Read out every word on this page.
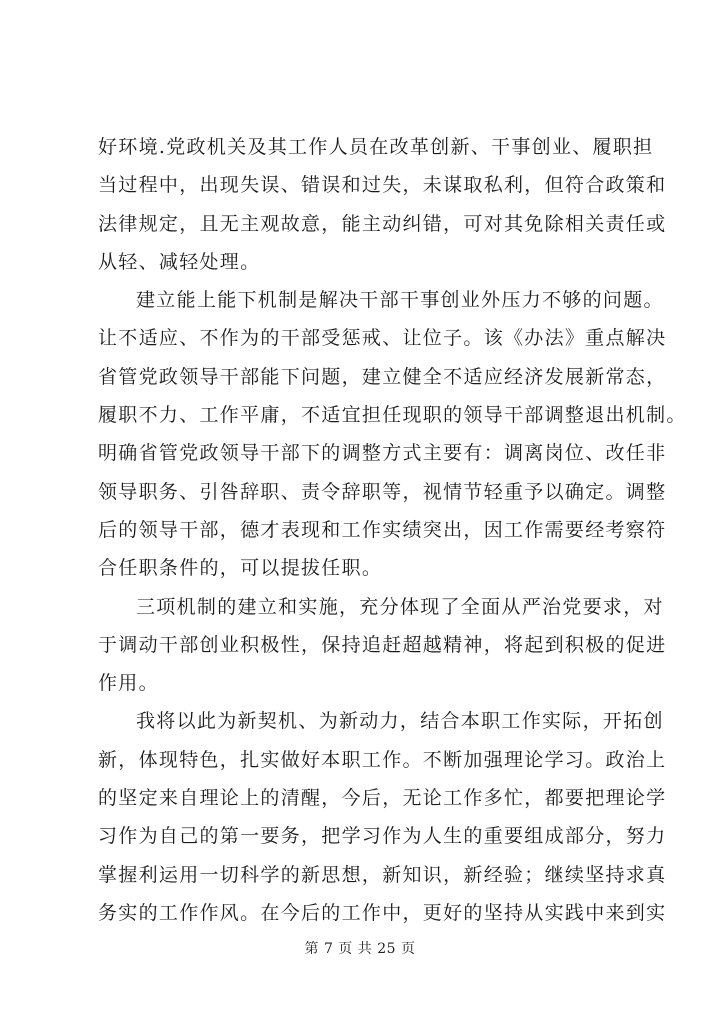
好环境.党政机关及其工作人员在改革创新、干事创业、履职担
当过程中，出现失误、错误和过失，未谋取私利，但符合政策和
法律规定，且无主观故意，能主动纠错，可对其免除相关责任或
从轻、减轻处理。
建立能上能下机制是解决干部干事创业外压力不够的问题。
让不适应、不作为的干部受惩戒、让位子。该《办法》重点解决
省管党政领导干部能下问题，建立健全不适应经济发展新常态，
履职不力、工作平庸，不适宜担任现职的领导干部调整退出机制。
明确省管党政领导干部下的调整方式主要有：调离岗位、改任非
领导职务、引咎辞职、责令辞职等，视情节轻重予以确定。调整
后的领导干部，德才表现和工作实绩突出，因工作需要经考察符
合任职条件的，可以提拔任职。
三项机制的建立和实施，充分体现了全面从严治党要求，对
于调动干部创业积极性，保持追赶超越精神，将起到积极的促进
作用。
我将以此为新契机、为新动力，结合本职工作实际，开拓创
新，体现特色，扎实做好本职工作。不断加强理论学习。政治上
的坚定来自理论上的清醒，今后，无论工作多忙，都要把理论学
习作为自己的第一要务，把学习作为人生的重要组成部分，努力
掌握利运用一切科学的新思想，新知识，新经验；继续坚持求真
务实的工作作风。在今后的工作中，更好的坚持从实践中来到实
第 7 页 共 25 页
